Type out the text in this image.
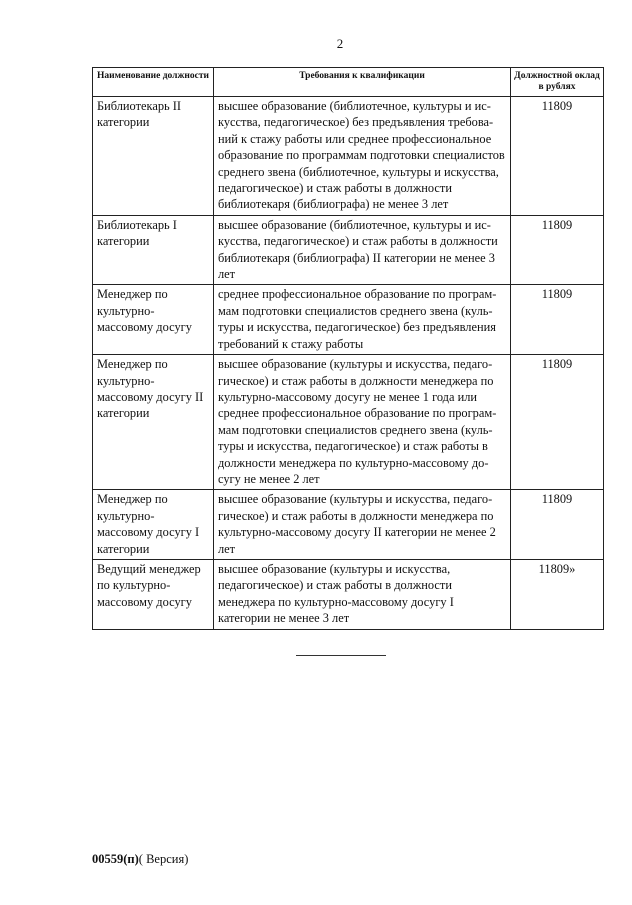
2
Наименование должности	Требования к квалификации	Должностной оклад в рублях
Библиотекарь II категории	высшее образование (библиотечное, культуры и искусства, педагогическое) без предъявления требований к стажу работы или среднее профессиональное образование по программам подготовки специалистов среднего звена (библиотечное, культуры и искусства, педагогическое) и стаж работы в должности библиотекаря (библиографа) не менее 3 лет	11809
Библиотекарь I категории	высшее образование (библиотечное, культуры и искусства, педагогическое) и стаж работы в должности библиотекаря (библиографа) II категории не менее 3 лет	11809
Менеджер по культурно-массовому досугу	среднее профессиональное образование по программам подготовки специалистов среднего звена (культуры и искусства, педагогическое) без предъявления требований к стажу работы	11809
Менеджер по культурно-массовому досугу II категории	высшее образование (культуры и искусства, педагогическое) и стаж работы в должности менеджера по культурно-массовому досугу не менее 1 года или среднее профессиональное образование по программам подготовки специалистов среднего звена (культуры и искусства, педагогическое) и стаж работы в должности менеджера по культурно-массовому досугу не менее 2 лет	11809
Менеджер по культурно-массовому досугу I категории	высшее образование (культуры и искусства, педагогическое) и стаж работы в должности менеджера по культурно-массовому досугу II категории не менее 2 лет	11809
Ведущий менеджер по культурно-массовому досугу	высшее образование (культуры и искусства, педагогическое) и стаж работы в должности менеджера по культурно-массовому досугу I категории не менее 3 лет	11809»
00559(п)( Версия)
